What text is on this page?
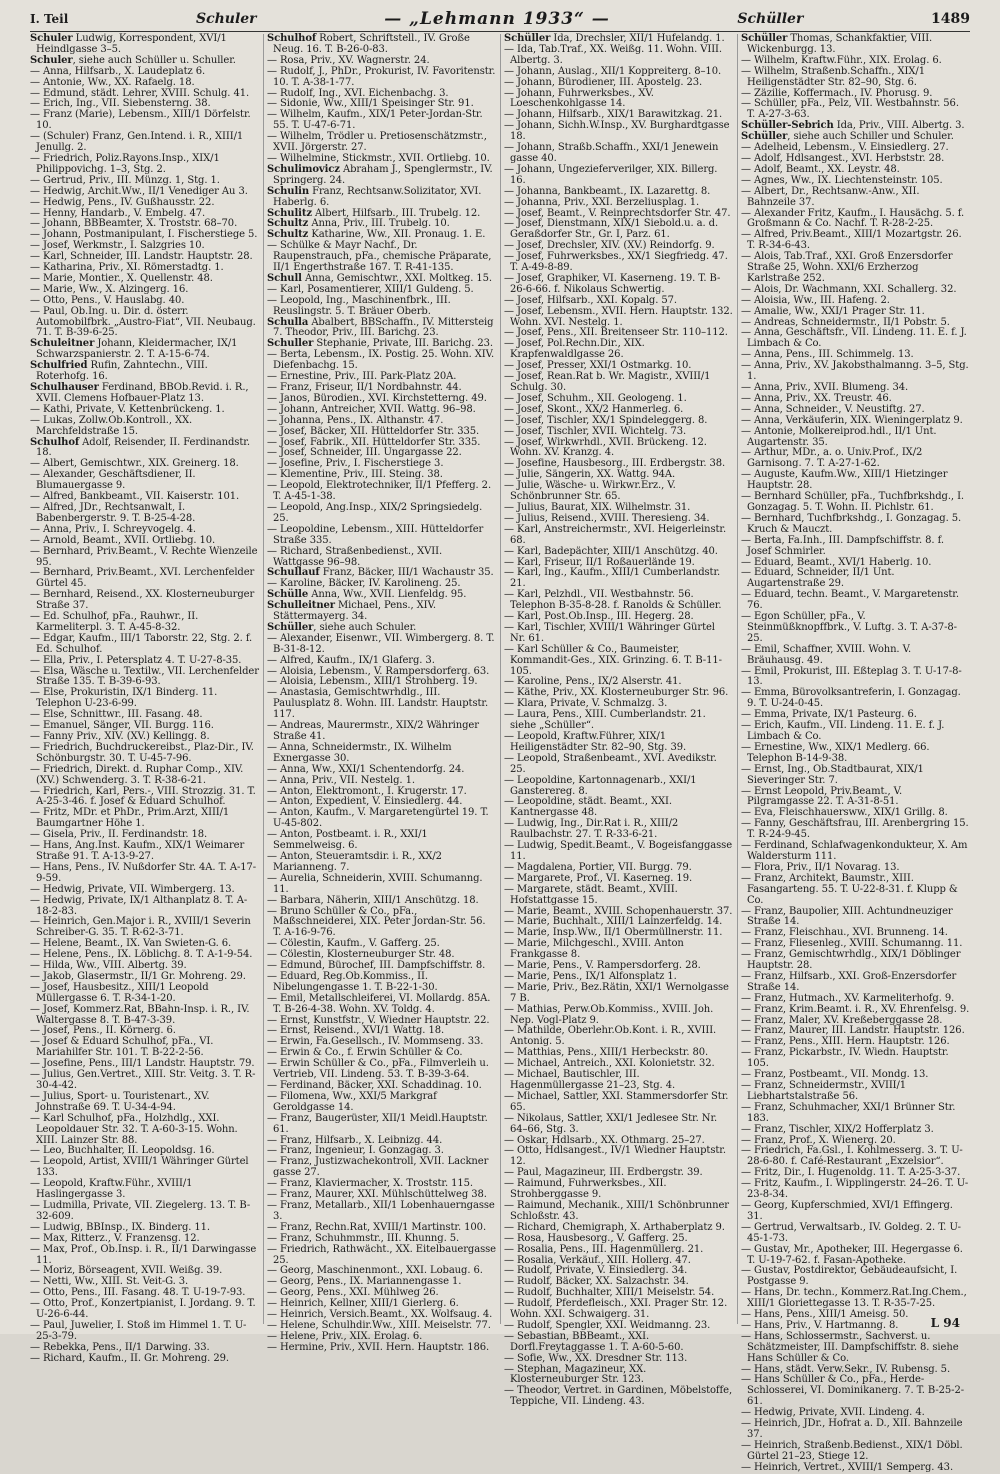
I. Teil	Schuler	— „Lehmann 1933“ —	Schüller	1489

Schuler Ludwig, Korrespondent, XVI/1 Heindlgasse 3–5.

Schuler, siehe auch Schüller u. Schuller.

— Anna, Hilfsarb., X. Laudeplatz 6.

— Antonie, Ww., XX. Rafaelg. 18.

— Edmund, städt. Lehrer, XVIII. Schulg. 41.

— Erich, Ing., VII. Siebensterng. 38.

— Franz (Marie), Lebensm., XIII/1 Dörfelstr. 10.

— (Schuler) Franz, Gen.Intend. i. R., XIII/1 Jenullg. 2.

— Friedrich, Poliz.Rayons.Insp., XIX/1 Philippovichg. 1–3, Stg. 2.

— Gertrud, Priv., III. Münzg. 1, Stg. 1.

— Hedwig, Archit.Ww., II/1 Venediger Au 3.

— Hedwig, Pens., IV. Gußhausstr. 22.

— Henny, Handarb., V. Embelg. 47.

— Johann, BBBeamter, X. Troststr. 68–70.

— Johann, Postmanipulant, I. Fischerstiege 5.

— Josef, Werkmstr., I. Salzgries 10.

— Karl, Schneider, III. Landstr. Hauptstr. 28.

— Katharina, Priv., XI. Römerstadtg. 1.

— Marie, Montier., X. Quellenstr. 48.

— Marie, Ww., X. Alzingerg. 16.

— Otto, Pens., V. Hauslabg. 40.

— Paul, Ob.Ing. u. Dir. d. österr. Automobilfbrk. „Austro-Fiat“, VII. Neubaug. 71. T. B-39-6-25.

Schuleitner Johann, Kleidermacher, IX/1 Schwarzspanierstr. 2. T. A-15-6-74.

Schulfried Rufin, Zahntechn., VIII. Roterhofg. 16.

Schulhauser Ferdinand, BBOb.Revid. i. R., XVII. Clemens Hofbauer-Platz 13.

— Kathi, Private, V. Kettenbrückeng. 1.

— Lukas, Zollw.Ob.Kontroll., XX. Marchfeldstraße 15.

Schulhof Adolf, Reisender, II. Ferdinandstr. 18.

— Albert, Gemischtwr., XIX. Greinerg. 18.

— Alexander, Geschäftsdiener, II. Blumauergasse 9.

— Alfred, Bankbeamt., VII. Kaiserstr. 101.

— Alfred, JDr., Rechtsanwalt, I. Babenbergerstr. 9. T. B-25-4-28.

— Anna, Priv., I. Schreyvogelg. 4.

— Arnold, Beamt., XVII. Ortliebg. 10.

— Bernhard, Priv.Beamt., V. Rechte Wienzeile 95.

— Bernhard, Priv.Beamt., XVI. Lerchenfelder Gürtel 45.

— Bernhard, Reisend., XX. Klosterneuburger Straße 37.

— Ed. Schulhof, pFa., Rauhwr., II. Karmeliterpl. 3. T. A-45-8-32.

— Edgar, Kaufm., III/1 Taborstr. 22, Stg. 2. f. Ed. Schulhof.

— Ella, Priv., I. Petersplatz 4. T. U-27-8-35.

— Elsa, Wäsche u. Textilw., VII. Lerchenfelder Straße 135. T. B-39-6-93.

— Else, Prokuristin, IX/1 Binderg. 11. Telephon U-23-6-99.

— Else, Schnittwr., III. Fasang. 48.

— Emanuel, Sänger, VII. Burgg. 116.

— Fanny Priv., XIV. (XV.) Kellingg. 8.

— Friedrich, Buchdruckereibst., Plaz-Dir., IV. Schönburgstr. 30. T. U-45-7-96.

— Friedrich, Direkt. d. Ruphar Comp., XIV. (XV.) Schwenderg. 3. T. R-38-6-21.

— Friedrich, Karl, Pers.-, VIII. Strozzig. 31. T. A-25-3-46. f. Josef & Eduard Schulhof.

— Fritz, MDr. et PhDr., Prim.Arzt, XIII/1 Baumgartner Höhe 1.

— Gisela, Priv., II. Ferdinandstr. 18.

— Hans, Ang.Inst. Kaufm., XIX/1 Weimarer Straße 91. T. A-13-9-27.

— Hans, Pens., IV. Nußdorfer Str. 4A. T. A-17-9-59.

— Hedwig, Private, VII. Wimbergerg. 13.

— Hedwig, Private, IX/1 Althanplatz 8. T. A-18-2-83.

— Heinrich, Gen.Major i. R., XVIII/1 Severin Schreiber-G. 35. T. R-62-3-71.

— Helene, Beamt., IX. Van Swieten-G. 6.

— Helene, Pens., IX. Löblichg. 8. T. A-1-9-54.

— Hilda, Ww., VIII. Albertg. 39.

— Jakob, Glasermstr., II/1 Gr. Mohreng. 29.

— Josef, Hausbesitz., XIII/1 Leopold Müllergasse 6. T. R-34-1-20.

— Josef, Kommerz.Rat, BBahn-Insp. i. R., IV. Waltergasse 8. T. B-47-3-39.

— Josef, Pens., II. Körnerg. 6.

— Josef & Eduard Schulhof, pFa., VI. Mariahilfer Str. 101. T. B-22-2-56.

— Josefine, Pens., III/1 Landstr. Hauptstr. 79.

— Julius, Gen.Vertret., XIII. Str. Veitg. 3. T. R-30-4-42.

— Julius, Sport- u. Touristenart., XV. Johnstraße 69. T. U-34-4-94.

— Karl Schulhof, pFa., Holzhdlg., XXI. Leopoldauer Str. 32. T. A-60-3-15. Wohn. XIII. Lainzer Str. 88.

— Leo, Buchhalter, II. Leopoldsg. 16.

— Leopold, Artist, XVIII/1 Währinger Gürtel 133.

— Leopold, Kraftw.Führ., XVIII/1 Haslingergasse 3.

— Ludmilla, Private, VII. Ziegelerg. 13. T. B-32-609.

— Ludwig, BBInsp., IX. Binderg. 11.

— Max, Ritterz., V. Franzensg. 12.

— Max, Prof., Ob.Insp. i. R., II/1 Darwingasse 11.

— Moriz, Börseagent, XVII. Weißg. 39.

— Netti, Ww., XIII. St. Veit-G. 3.

— Otto, Pens., III. Fasang. 48. T. U-19-7-93.

— Otto, Prof., Konzertpianist, I. Jordang. 9. T. U-26-6-44.

— Paul, Juwelier, I. Stoß im Himmel 1. T. U-25-3-79.

— Rebekka, Pens., II/1 Darwing. 33.

— Richard, Kaufm., II. Gr. Mohreng. 29.

Schulhof Robert, Schriftstell., IV. Große Neug. 16. T. B-26-0-83.

— Rosa, Priv., XV. Wagnerstr. 24.

— Rudolf, J., PhDr., Prokurist, IV. Favoritenstr. 10. T. A-38-1-77.

— Rudolf, Ing., XVI. Eichenbachg. 3.

— Sidonie, Ww., XIII/1 Speisinger Str. 91.

— Wilhelm, Kaufm., XIX/1 Peter-Jordan-Str. 55. T. U-47-6-71.

— Wilhelm, Trödler u. Pretiosenschätzmstr., XVII. Jörgerstr. 27.

— Wilhelmine, Stickmstr., XVII. Ortliebg. 10.

Schulimovicz Abraham J., Spenglermstr., IV. Springerg. 24.

Schulin Franz, Rechtsanw.Solizitator, XVI. Haberlg. 6.

Schulitz Albert, Hilfsarb., III. Trubelg. 12.

Schultz Anna, Priv., III. Trubelg. 10.

Schultz Katharine, Ww., XII. Pronaug. 1. E.

— Schülke & Mayr Nachf., Dr. Raupenstrauch, pFa., chemische Präparate, II/1 Engerthstraße 167. T. R-41-135.

Schull Anna, Gemischtwr., XXI. Moltkeg. 15.

— Karl, Posamentierer, XIII/1 Guldeng. 5.

— Leopold, Ing., Maschinenfbrk., III. Reuslingstr. 5. T. Bräuer Oberb.

Schulla Abalbert, BBSchaffn., IV. Mittersteig 7. Theodor, Priv., III. Barichg. 23.

Schuller Stephanie, Private, III. Barichg. 23.

— Berta, Lebensm., IX. Postig. 25. Wohn. XIV. Diefenbachg. 15.

— Ernestine, Priv., III. Park-Platz 20A.

— Franz, Friseur, II/1 Nordbahnstr. 44.

— Janos, Bürodien., XVI. Kirchstetterng. 49.

— Johann, Antreicher, XVII. Wattg. 96–98.

— Johanna, Pens., IX. Althanstr. 47.

— Josef, Bäcker, XII. Hütteldorfer Str. 335.

— Josef, Fabrik., XII. Hütteldorfer Str. 335.

— Josef, Schneider, III. Ungargasse 22.

— Josefine, Priv., I. Fischerstiege 3.

— Klementine, Priv., III. Steing. 38.

— Leopold, Elektrotechniker, II/1 Pfefferg. 2. T. A-45-1-38.

— Leopold, Ang.Insp., XIX/2 Springsiedelg. 25.

— Leopoldine, Lebensm., XIII. Hütteldorfer Straße 335.

— Richard, Straßenbedienst., XVII. Wattgasse 96–98.

Schullauf Franz, Bäcker, III/1 Wachaustr 35.

— Karoline, Bäcker, IV. Karolineng. 25.

Schülle Anna, Ww., XVII. Lienfeldg. 95.

Schulleitner Michael, Pens., XIV. Stättermayerg. 34.

Schüller, siehe auch Schuler.

— Alexander, Eisenwr., VII. Wimbergerg. 8. T. B-31-8-12.

— Alfred, Kaufm., IX/1 Glaferg. 3.

— Aloisia, Lebensm., V. Rampersdorferg. 63.

— Aloisia, Lebensm., XIII/1 Strohberg. 19.

— Anastasia, Gemischtwrhdlg., III. Paulusplatz 8. Wohn. III. Landstr. Hauptstr. 117.

— Andreas, Maurermstr., XIX/2 Währinger Straße 41.

— Anna, Schneidermstr., IX. Wilhelm Exnergasse 30.

— Anna, Ww., XXI/1 Schentendorfg. 24.

— Anna, Priv., VII. Nestelg. 1.

— Anton, Elektromont., I. Krugerstr. 17.

— Anton, Expedient, V. Einsiedlerg. 44.

— Anton, Kaufm., V. Margaretengürtel 19. T. U-45-802.

— Anton, Postbeamt. i. R., XXI/1 Semmelweisg. 6.

— Anton, Steueramtsdir. i. R., XX/2 Marianneng. 7.

— Aurelia, Schneiderin, XVIII. Schumanng. 11.

— Barbara, Näherin, XIII/1 Anschützg. 18.

— Bruno Schüller & Co., pFa., Maßschneiderei, XIX. Peter Jordan-Str. 56. T. A-16-9-76.

— Cölestin, Kaufm., V. Gafferg. 25.

— Cölestin, Klosterneuburger Str. 48.

— Edmund, Bürochef, III. Dampfschiffstr. 8.

— Eduard, Reg.Ob.Kommiss., II. Nibelungengasse 1. T. B-22-1-30.

— Emil, Metallschleiferei, VI. Mollardg. 85A. T. B-26-4-38. Wohn. XV. Toldg. 4.

— Ernst, Kunstfstr., V. Wiedner Hauptstr. 22.

— Ernst, Reisend., XVI/1 Wattg. 18.

— Erwin, Fa.Gesellsch., IV. Mommseng. 33.

— Erwin & Co., f. Erwin Schüller & Co.

— Erwin Schüller & Co., pFa., Filmverleih u. Vertrieb, VII. Lindeng. 53. T. B-39-3-64.

— Ferdinand, Bäcker, XXI. Schaddinag. 10.

— Filomena, Ww., XXI/5 Markgraf Geroldgasse 14.

— Franz, Baugerüster, XII/1 Meidl.Hauptstr. 61.

— Franz, Hilfsarb., X. Leibnizg. 44.

— Franz, Ingenieur, I. Gonzagag. 3.

— Franz, Justizwachekontroll, XVII. Lackner gasse 27.

— Franz, Klaviermacher, X. Troststr. 115.

— Franz, Maurer, XXI. Mühlschüttelweg 38.

— Franz, Metallarb., XII/1 Lobenhauerngasse 3.

— Franz, Rechn.Rat, XVIII/1 Martinstr. 100.

— Franz, Schuhmmstr., III. Khunng. 5.

— Friedrich, Rathwächt., XX. Eitelbauergasse 25.

— Georg, Maschinenmont., XXI. Lobaug. 6.

— Georg, Pens., IX. Mariannengasse 1.

— Georg, Pens., XXI. Mühlweg 26.

— Heinrich, Kellner, XIII/1 Gierlerg. 6.

— Heinrich, Versich.Beamt., XX. Wolfsaug. 4.

— Helene, Schulhdir.Ww., XIII. Meiselstr. 77.

— Helene, Priv., XIX. Erolag. 6.

— Hermine, Priv., XVII. Hern. Hauptstr. 186.

Schüller Ida, Drechsler, XII/1 Hufelandg. 1.

— Ida, Tab.Traf., XX. Weißg. 11. Wohn. VIII. Albertg. 3.

— Johann, Auslag., XII/1 Koppreiterg. 8–10.

— Johann, Bürodiener, III. Apostelg. 23.

— Johann, Fuhrwerksbes., XV. Loeschenkohlgasse 14.

— Johann, Hilfsarb., XIX/1 Barawitzkag. 21.

— Johann, Sichh.W.Insp., XV. Burghardtgasse 18.

— Johann, Straßb.Schaffn., XXI/1 Jenewein gasse 40.

— Johann, Ungezieferverilger, XIX. Billerg. 16.

— Johanna, Bankbeamt., IX. Lazarettg. 8.

— Johanna, Priv., XXI. Berzeliusplag. 1.

— Josef, Beamt., V. Reinprechtsdorfer Str. 47.

— Josef, Dienstmann, XIX/1 Siebold.u. a. d. Geraßdorfer Str., Gr. I, Parz. 61.

— Josef, Drechsler, XIV. (XV.) Reindorfg. 9.

— Josef, Fuhrwerksbes., XX/1 Siegfriedg. 47. T. A-49-8-89.

— Josef, Graphiker, VI. Kaserneng. 19. T. B-26-6-66. f. Nikolaus Schwertig.

— Josef, Hilfsarb., XXI. Kopalg. 57.

— Josef, Lebensm., XVII. Hern. Hauptstr. 132. Wohn. XVI. Nestelg. 1.

— Josef, Pens., XII. Breitenseer Str. 110–112.

— Josef, Pol.Rechn.Dir., XIX. Krapfenwaldlgasse 26.

— Josef, Presser, XXI/1 Ostmarkg. 10.

— Josef, Rean.Rat b. Wr. Magistr., XVIII/1 Schulg. 30.

— Josef, Schuhm., XII. Geologeng. 1.

— Josef, Skont., XX/2 Hanmerleg. 6.

— Josef, Tischler, XX/1 Spindeleggerg. 8.

— Josef, Tischler, XVII. Wichtelg. 73.

— Josef, Wirkwrhdl., XVII. Brückeng. 12. Wohn. XV. Kranzg. 4.

— Josefine, Hausbesorg., III. Erdbergstr. 38.

— Julie, Sängerin, XX. Wattg. 94A.

— Julie, Wäsche- u. Wirkwr.Erz., V. Schönbrunner Str. 65.

— Julius, Baurat, XIX. Wilhelmstr. 31.

— Julius, Reisend., XVIII. Theresieng. 34.

— Karl, Anstreichermstr., XVI. Heigerleinstr. 68.

— Karl, Badepächter, XIII/1 Anschützg. 40.

— Karl, Friseur, II/1 Roßauerlände 19.

— Karl, Ing., Kaufm., XIII/1 Cumberlandstr. 21.

— Karl, Pelzhdl., VII. Westbahnstr. 56. Telephon B-35-8-28. f. Ranolds & Schüller.

— Karl, Post.Ob.Insp., III. Hegerg. 28.

— Karl, Tischler, XVIII/1 Währinger Gürtel Nr. 61.

— Karl Schüller & Co., Baumeister, Kommandit-Ges., XIX. Grinzing. 6. T. B-11-105.

— Karoline, Pens., IX/2 Alserstr. 41.

— Käthe, Priv., XX. Klosterneuburger Str. 96.

— Klara, Private, V. Schmalzg. 3.

— Laura, Pens., XIII. Cumberlandstr. 21. siehe „Schüller“.

— Leopold, Kraftw.Führer, XIX/1 Heiligenstädter Str. 82–90, Stg. 39.

— Leopold, Straßenbeamt., XVI. Avedikstr. 25.

— Leopoldine, Kartonnagenarb., XXI/1 Gansterereg. 8.

— Leopoldine, städt. Beamt., XXI. Kantnergasse 48.

— Ludwig, Ing., Dir.Rat i. R., XIII/2 Raulbachstr. 27. T. R-33-6-21.

— Ludwig, Spedit.Beamt., V. Bogeisfanggasse 11.

— Magdalena, Portier, VII. Burgg. 79.

— Margarete, Prof., VI. Kaserneg. 19.

— Margarete, städt. Beamt., XVIII. Hofstattgasse 15.

— Marie, Beamt., XVIII. Schopenhauerstr. 37.

— Marie, Buchhalt., XIII/1 Lainzerfeldg. 14.

— Marie, Insp.Ww., II/1 Obermüllnerstr. 11.

— Marie, Milchgeschl., XVIII. Anton Frankgasse 8.

— Marie, Pens., V. Rampersdorferg. 28.

— Marie, Pens., IX/1 Alfonsplatz 1.

— Marie, Priv., Bez.Rätin, XXI/1 Wernolgasse 7 B.

— Mathias, Perw.Ob.Kommiss., XVIII. Joh. Nep. Vogl-Platz 9.

— Mathilde, Oberlehr.Ob.Kont. i. R., XVIII. Antonig. 5.

— Matthias, Pens., XIII/1 Herbeckstr. 80.

— Michael, Antreich., XXI. Kolonietstr. 32.

— Michael, Bautischler, III. Hagenmüllergasse 21–23, Stg. 4.

— Michael, Sattler, XXI. Stammersdorfer Str. 65.

— Nikolaus, Sattler, XXI/1 Jedlesee Str. Nr. 64–66, Stg. 3.

— Oskar, Hdlsarb., XX. Othmarg. 25–27.

— Otto, Hdlsangest., IV/1 Wiedner Hauptstr. 12.

— Paul, Magazineur, III. Erdbergstr. 39.

— Raimund, Fuhrwerksbes., XII. Strohberggasse 9.

— Raimund, Mechanik., XIII/1 Schönbrunner Schloßstr. 43.

— Richard, Chemigraph, X. Arthaberplatz 9.

— Rosa, Hausbesorg., V. Gafferg. 25.

— Rosalia, Pens., III. Hagenmüllerg. 21.

— Rosalia, Verkäuf., XIII. Hollerg. 47.

— Rudolf, Private, V. Einsiedlerg. 34.

— Rudolf, Bäcker, XX. Salzachstr. 34.

— Rudolf, Buchhalter, XIII/1 Meiselstr. 54.

— Rudolf, Pferdefleisch., XXI. Prager Str. 12. Wohn. XXI. Schwaigerg. 31.

— Rudolf, Spengler, XXI. Weidmanng. 23.

— Sebastian, BBBeamt., XXI. Dorfl.Freytaggasse 1. T. A-60-5-60.

— Sofie, Ww., XX. Dresdner Str. 113.

— Stephan, Magazineur, XX. Klosterneuburger Str. 123.

— Theodor, Vertret. in Gardinen, Möbelstoffe, Teppiche, VII. Lindeng. 43.

Schüller Thomas, Schankfaktier, VIII. Wickenburgg. 13.

— Wilhelm, Kraftw.Führ., XIX. Erolag. 6.

— Wilhelm, Straßenb.Schaffn., XIX/1 Heiligenstädter Str. 82–90, Stg. 6.

— Zäzilie, Koffermach., IV. Phorusg. 9.

— Schüller, pFa., Pelz, VII. Westbahnstr. 56. T. A-27-3-63.

Schüller-Sebrich Ida, Priv., VIII. Albertg. 3.

Schüller, siehe auch Schiller und Schuler.

— Adelheid, Lebensm., V. Einsiedlerg. 27.

— Adolf, Hdlsangest., XVI. Herbststr. 28.

— Adolf, Beamt., XX. Leystr. 48.

— Agnes, Ww., IX. Liechtensteinstr. 105.

— Albert, Dr., Rechtsanw.-Anw., XII. Bahnzeile 37.

— Alexander Fritz, Kaufm., I. Hausächg. 5. f. Großmann & Co. Nachf. T. R-28-2-25.

— Alfred, Priv.Beamt., XIII/1 Mozartgstr. 26. T. R-34-6-43.

— Alois, Tab.Traf., XXI. Groß Enzersdorfer Straße 25, Wohn. XXI/6 Erzherzog Karlstraße 252.

— Alois, Dr. Wachmann, XXI. Schallerg. 32.

— Aloisia, Ww., III. Hafeng. 2.

— Amalie, Ww., XXI/1 Prager Str. 11.

— Andreas, Schneidermstr., II/1 Pobstr. 5.

— Anna, Geschäftsfr., VII. Lindeng. 11. E. f. J. Limbach & Co.

— Anna, Pens., III. Schimmelg. 13.

— Anna, Priv., XV. Jakobsthalmanng. 3–5, Stg. 1.

— Anna, Priv., XVII. Blumeng. 34.

— Anna, Priv., XX. Treustr. 46.

— Anna, Schneider., V. Neustiftg. 27.

— Anna, Verkäuferin, XIX. Wieningerplatz 9.

— Antonie, Molkereiprod.hdl., II/1 Unt. Augartenstr. 35.

— Arthur, MDr., a. o. Univ.Prof., IX/2 Garnisong. 7. T. A-27-1-62.

— Auguste, Kaufm.Ww., XIII/1 Hietzinger Hauptstr. 28.

— Bernhard Schüller, pFa., Tuchfbrkshdg., I. Gonzagag. 5. T. Wohn. II. Pichlstr. 61.

— Bernhard, Tuchfbrkshdg., I. Gonzagag. 5. Kruch & Mauczt.

— Berta, Fa.Inh., III. Dampfschiffstr. 8. f. Josef Schmirler.

— Eduard, Beamt., XVI/1 Haberlg. 10.

— Eduard, Schneider, II/1 Unt. Augartenstraße 29.

— Eduard, techn. Beamt., V. Margaretenstr. 76.

— Egon Schüller, pFa., V. Steinmüßknopffbrk., V. Luftg. 3. T. A-37-8-25.

— Emil, Schaffner, XVIII. Wohn. V. Bräuhausg. 49.

— Emil, Prokurist, III. Eßteplag 3. T. U-17-8-13.

— Emma, Bürovolksantreferin, I. Gonzagag. 9. T. U-24-0-45.

— Emma, Private, IX/1 Pasteurg. 6.

— Erich, Kaufm., VII. Lindeng. 11. E. f. J. Limbach & Co.

— Ernestine, Ww., XIX/1 Medlerg. 66. Telephon B-14-9-38.

— Ernst, Ing., Ob.Stadtbaurat, XIX/1 Sieveringer Str. 7.

— Ernst Leopold, Priv.Beamt., V. Pilgramgasse 22. T. A-31-8-51.

— Eva, Fleischhauersww., XIX/1 Grillg. 8.

— Fanny, Geschäftsfrau, III. Arenbergring 15. T. R-24-9-45.

— Ferdinand, Schlafwagenkondukteur, X. Am Waldersturm 111.

— Flora, Priv., II/1 Novarag. 13.

— Franz, Architekt, Baumstr., XIII. Fasangarteng. 55. T. U-22-8-31. f. Klupp & Co.

— Franz, Baupolier, XIII. Achtundneuziger Straße 14.

— Franz, Fleischhau., XVI. Brunneng. 14.

— Franz, Fliesenleg., XVIII. Schumanng. 11.

— Franz, Gemischtwrhdlg., XIX/1 Döblinger Hauptstr. 28.

— Franz, Hilfsarb., XXI. Groß-Enzersdorfer Straße 14.

— Franz, Hutmach., XV. Karmeliterhofg. 9.

— Franz, Krim.Beamt. i. R., XV. Ehrenfelsg. 9.

— Franz, Maler, XV. Kreßeberggasse 28.

— Franz, Maurer, III. Landstr. Hauptstr. 126.

— Franz, Pens., XIII. Hern. Hauptstr. 126.

— Franz, Pickarbstr., IV. Wiedn. Hauptstr. 105.

— Franz, Postbeamt., VII. Mondg. 13.

— Franz, Schneidermstr., XVIII/1 Liebhartstalstraße 56.

— Franz, Schuhmacher, XXI/1 Brünner Str. 183.

— Franz, Tischler, XIX/2 Hofferplatz 3.

— Franz, Prof., X. Wienerg. 20.

— Friedrich, Fa.Gsl., I. Kohlmesserg. 3. T. U-28-6-80. f. Café-Restaurant „Exzelsior“.

— Fritz, Dir., I. Hugenoldg. 11. T. A-25-3-37.

— Fritz, Kaufm., I. Wipplingerstr. 24–26. T. U-23-8-34.

— Georg, Kupferschmied, XVI/1 Effingerg. 31.

— Gertrud, Verwaltsarb., IV. Goldeg. 2. T. U-45-1-73.

— Gustav, Mr., Apotheker, III. Hegergasse 6. T. U-19-7-62. f. Fasan-Apotheke.

— Gustav, Postdirektor, Gebäudeaufsicht, I. Postgasse 9.

— Hans, Dr. techn., Kommerz.Rat.Ing.Chem., XIII/1 Gloriettegasse 13. T. R-35-7-25.

— Hans, Pens., XIII/1 Ameisg. 50.

— Hans, Priv., V. Hartmanng. 8.

— Hans, Schlossermstr., Sachverst. u. Schätzmeister, III. Dampfschiffstr. 8. siehe Hans Schüller & Co.

— Hans, städt. Verw.Sekr., IV. Rubensg. 5.

— Hans Schüller & Co., pFa., Herde-Schlosserei, VI. Dominikanerg. 7. T. B-25-2-61.

— Hedwig, Private, XVII. Lindeng. 4.

— Heinrich, JDr., Hofrat a. D., XII. Bahnzeile 37.

— Heinrich, Straßenb.Bedienst., XIX/1 Döbl. Gürtel 21–23, Stiege 12.

— Heinrich, Vertret., XVIII/1 Semperg. 43.

L 94
